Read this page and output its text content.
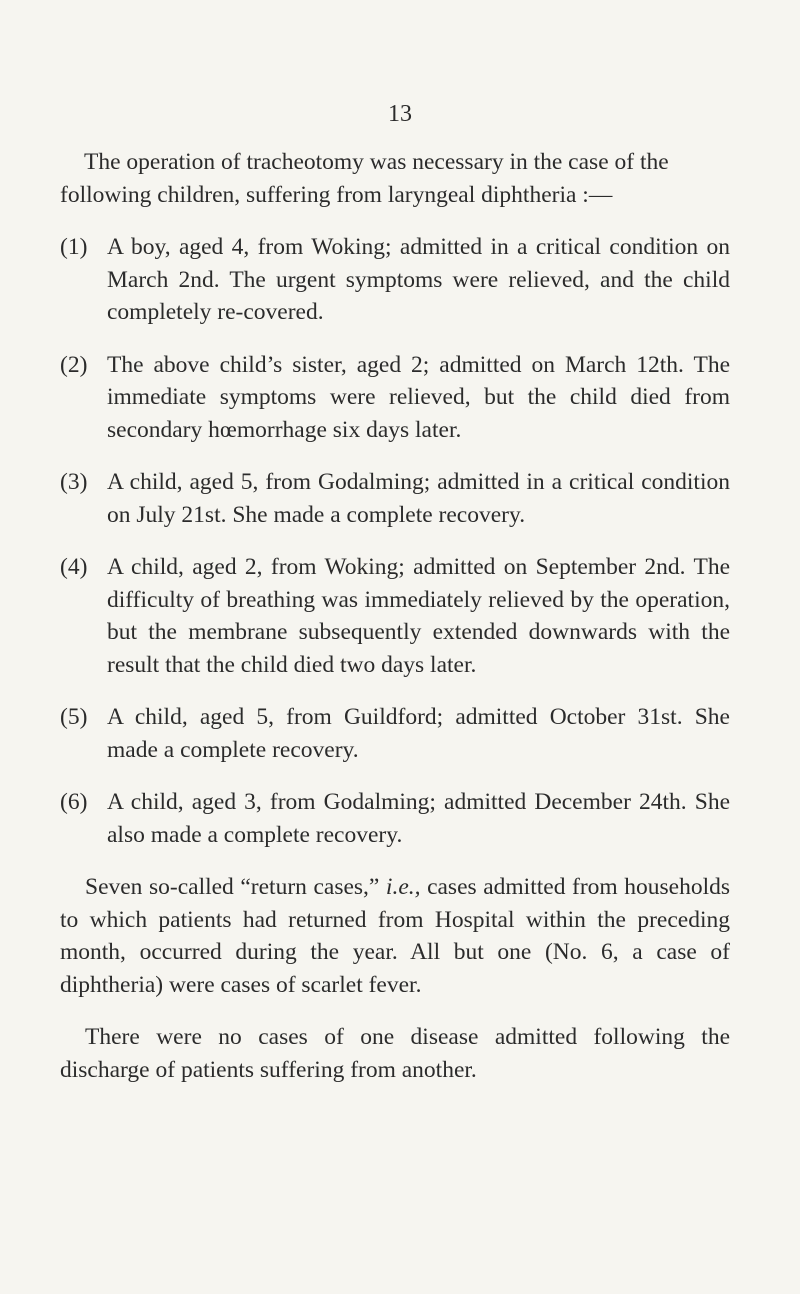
13

The operation of tracheotomy was necessary in the case of the following children, suffering from laryngeal diphtheria :—

(1) A boy, aged 4, from Woking; admitted in a critical condition on March 2nd. The urgent symptoms were relieved, and the child completely re-covered.
(2) The above child’s sister, aged 2; admitted on March 12th. The immediate symptoms were relieved, but the child died from secondary hœmorrhage six days later.
(3) A child, aged 5, from Godalming; admitted in a critical condition on July 21st. She made a complete recovery.
(4) A child, aged 2, from Woking; admitted on September 2nd. The difficulty of breathing was immediately relieved by the operation, but the membrane subsequently extended downwards with the result that the child died two days later.
(5) A child, aged 5, from Guildford; admitted October 31st. She made a complete recovery.
(6) A child, aged 3, from Godalming; admitted December 24th. She also made a complete recovery.

Seven so-called “return cases,” i.e., cases admitted from households to which patients had returned from Hospital within the preceding month, occurred during the year. All but one (No. 6, a case of diphtheria) were cases of scarlet fever.

There were no cases of one disease admitted following the discharge of patients suffering from another.
